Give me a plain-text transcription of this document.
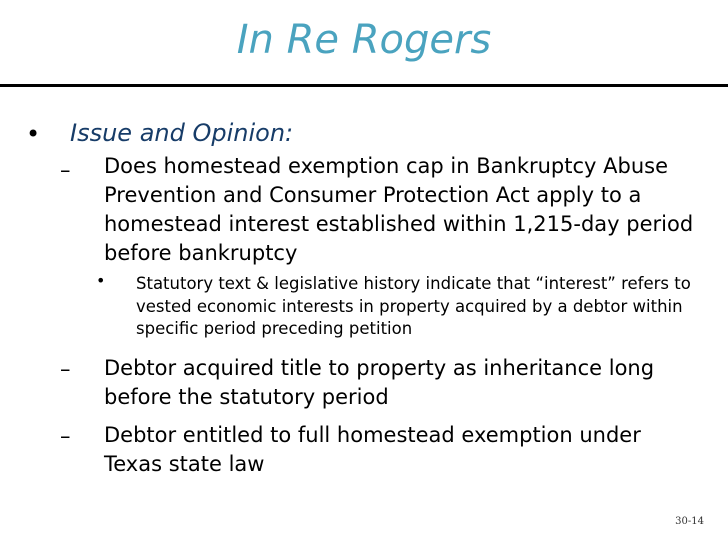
In Re Rogers
• Issue and Opinion:
– Does homestead exemption cap in Bankruptcy Abuse Prevention and Consumer Protection Act apply to a homestead interest established within 1,215-day period before bankruptcy
• Statutory text & legislative history indicate that “interest” refers to vested economic interests in property acquired by a debtor within specific period preceding petition
– Debtor acquired title to property as inheritance long before the statutory period
– Debtor entitled to full homestead exemption under Texas state law
30-14
